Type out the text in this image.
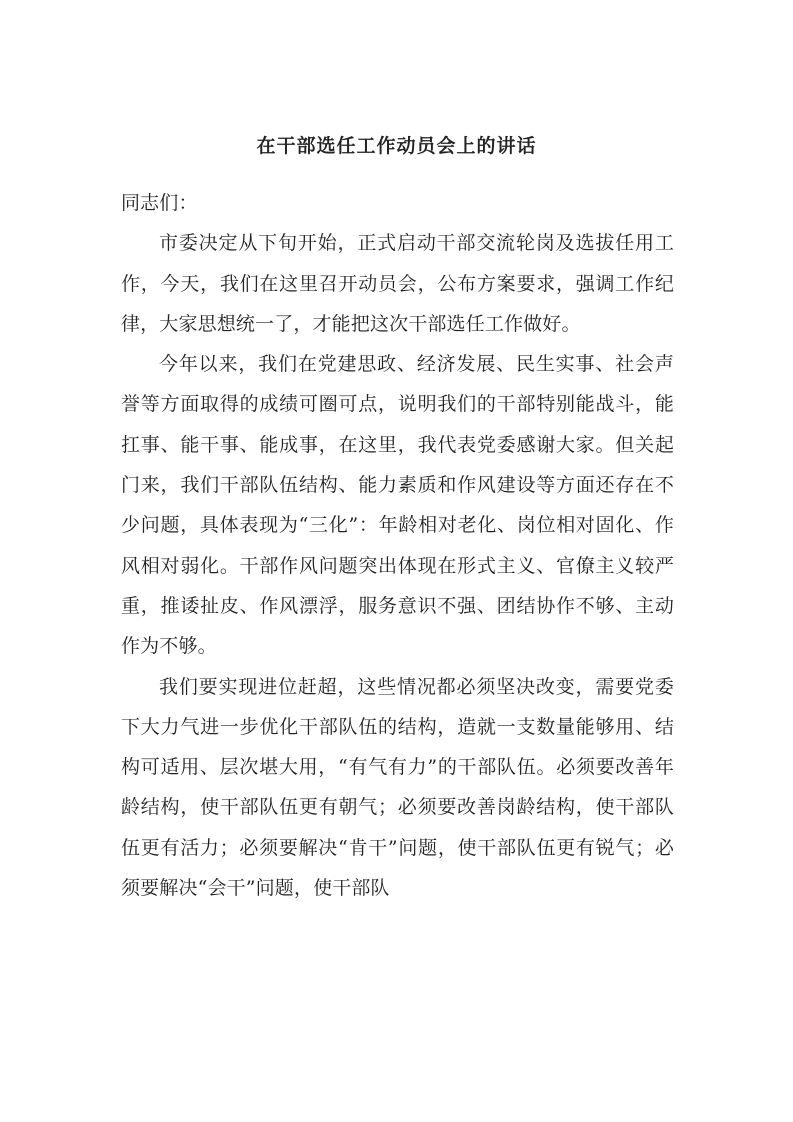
在干部选任工作动员会上的讲话

同志们：

市委决定从下旬开始，正式启动干部交流轮岗及选拔任用工作，今天，我们在这里召开动员会，公布方案要求，强调工作纪律，大家思想统一了，才能把这次干部选任工作做好。

今年以来，我们在党建思政、经济发展、民生实事、社会声誉等方面取得的成绩可圈可点，说明我们的干部特别能战斗，能扛事、能干事、能成事，在这里，我代表党委感谢大家。但关起门来，我们干部队伍结构、能力素质和作风建设等方面还存在不少问题，具体表现为“三化”：年龄相对老化、岗位相对固化、作风相对弱化。干部作风问题突出体现在形式主义、官僚主义较严重，推诿扯皮、作风漂浮，服务意识不强、团结协作不够、主动作为不够。

我们要实现进位赶超，这些情况都必须坚决改变，需要党委下大力气进一步优化干部队伍的结构，造就一支数量能够用、结构可适用、层次堪大用，“有气有力”的干部队伍。必须要改善年龄结构，使干部队伍更有朝气；必须要改善岗龄结构，使干部队伍更有活力；必须要解决“肯干”问题，使干部队伍更有锐气；必须要解决“会干”问题，使干部队
